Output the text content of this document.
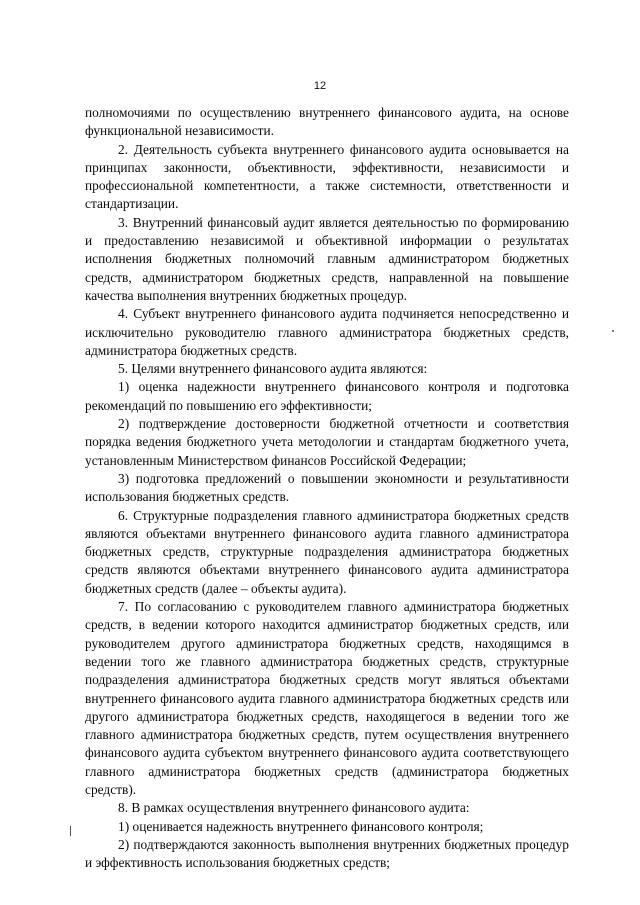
12

полномочиями по осуществлению внутреннего финансового аудита, на основе функциональной независимости.

2. Деятельность субъекта внутреннего финансового аудита основывается на принципах законности, объективности, эффективности, независимости и профессиональной компетентности, а также системности, ответственности и стандартизации.

3. Внутренний финансовый аудит является деятельностью по формированию и предоставлению независимой и объективной информации о результатах исполнения бюджетных полномочий главным администратором бюджетных средств, администратором бюджетных средств, направленной на повышение качества выполнения внутренних бюджетных процедур.

4. Субъект внутреннего финансового аудита подчиняется непосредственно и исключительно руководителю главного администратора бюджетных средств, администратора бюджетных средств.

5. Целями внутреннего финансового аудита являются:

1) оценка надежности внутреннего финансового контроля и подготовка рекомендаций по повышению его эффективности;

2) подтверждение достоверности бюджетной отчетности и соответствия порядка ведения бюджетного учета методологии и стандартам бюджетного учета, установленным Министерством финансов Российской Федерации;

3) подготовка предложений о повышении экономности и результативности использования бюджетных средств.

6. Структурные подразделения главного администратора бюджетных средств являются объектами внутреннего финансового аудита главного администратора бюджетных средств, структурные подразделения администратора бюджетных средств являются объектами внутреннего финансового аудита администратора бюджетных средств (далее – объекты аудита).

7. По согласованию с руководителем главного администратора бюджетных средств, в ведении которого находится администратор бюджетных средств, или руководителем другого администратора бюджетных средств, находящимся в ведении того же главного администратора бюджетных средств, структурные подразделения администратора бюджетных средств могут являться объектами внутреннего финансового аудита главного администратора бюджетных средств или другого администратора бюджетных средств, находящегося в ведении того же главного администратора бюджетных средств, путем осуществления внутреннего финансового аудита субъектом внутреннего финансового аудита соответствующего главного администратора бюджетных средств (администратора бюджетных средств).

8. В рамках осуществления внутреннего финансового аудита:

1) оценивается надежность внутреннего финансового контроля;

2) подтверждаются законность выполнения внутренних бюджетных процедур и эффективность использования бюджетных средств;
